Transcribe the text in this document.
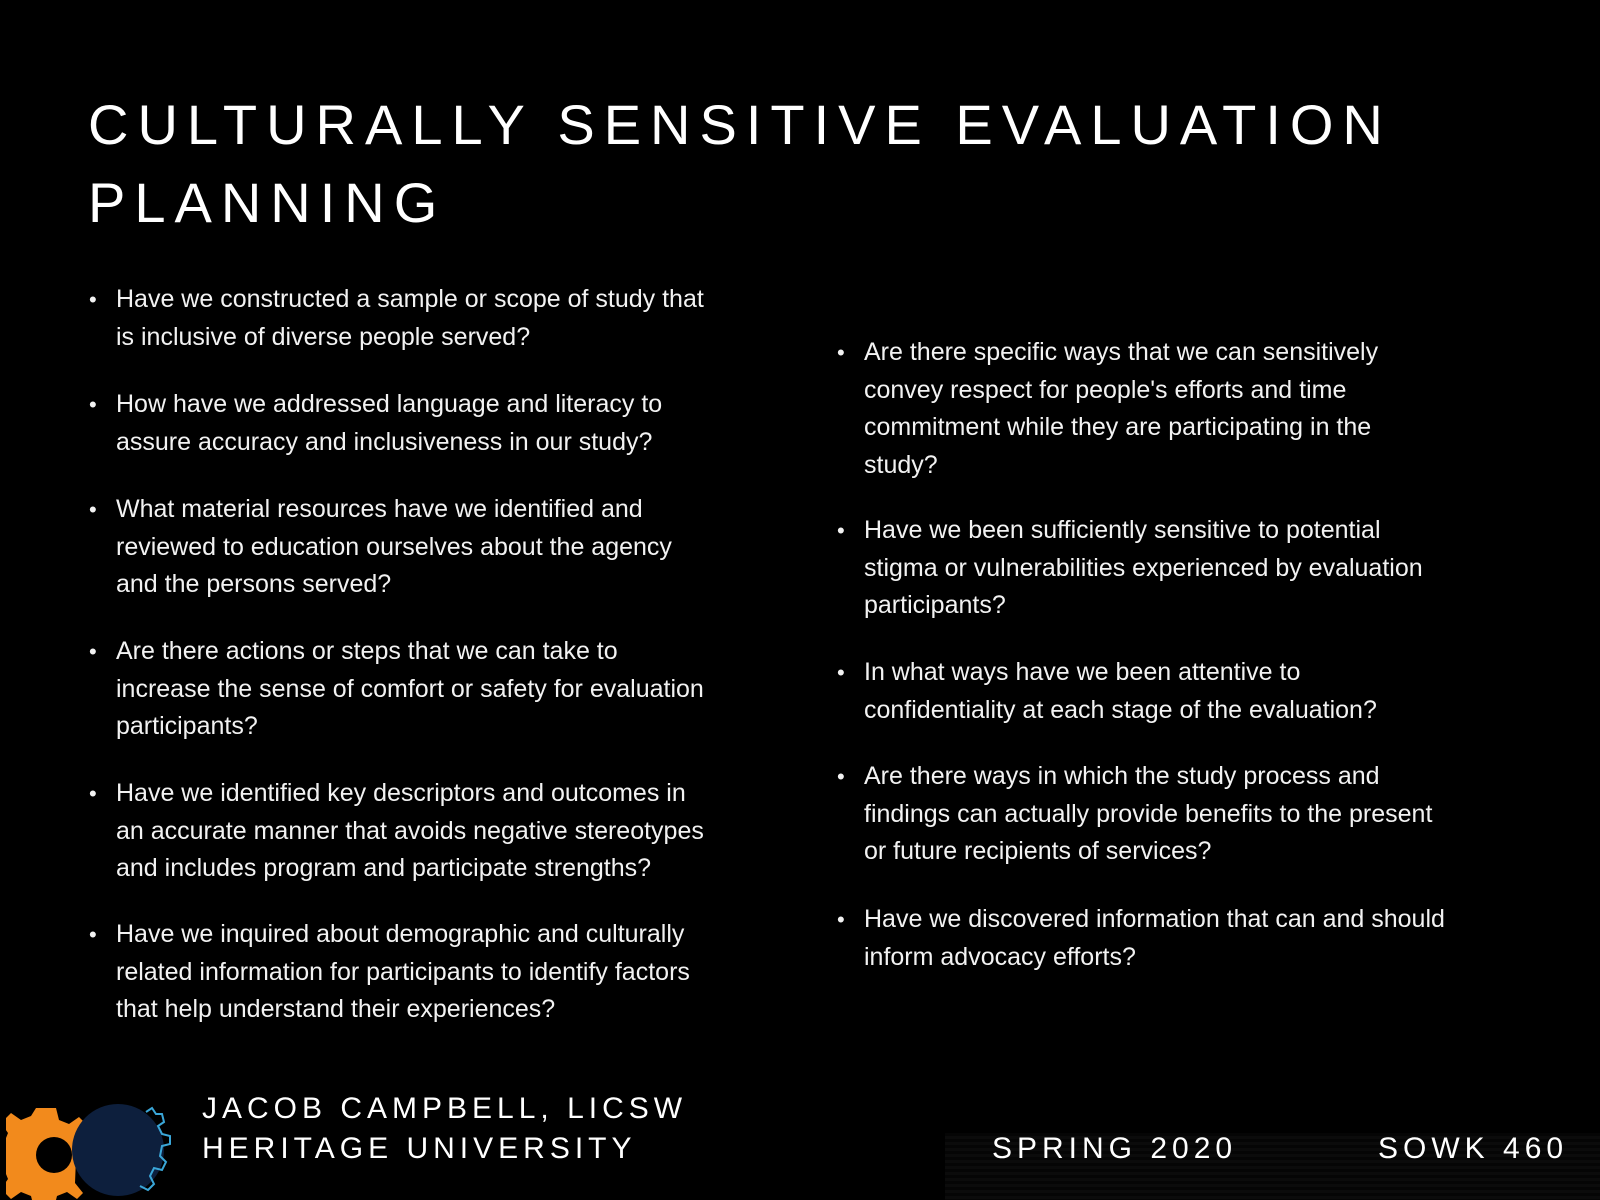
CULTURALLY SENSITIVE EVALUATION
PLANNING
• Have we constructed a sample or scope of study that
is inclusive of diverse people served?
• How have we addressed language and literacy to
assure accuracy and inclusiveness in our study?
• What material resources have we identified and
reviewed to education ourselves about the agency
and the persons served?
• Are there actions or steps that we can take to
increase the sense of comfort or safety for evaluation
participants?
• Have we identified key descriptors and outcomes in
an accurate manner that avoids negative stereotypes
and includes program and participate strengths?
• Have we inquired about demographic and culturally
related information for participants to identify factors
that help understand their experiences?
• Are there specific ways that we can sensitively
convey respect for people's efforts and time
commitment while they are participating in the
study?
• Have we been sufficiently sensitive to potential
stigma or vulnerabilities experienced by evaluation
participants?
• In what ways have we been attentive to
confidentiality at each stage of the evaluation?
• Are there ways in which the study process and
findings can actually provide benefits to the present
or future recipients of services?
• Have we discovered information that can and should
inform advocacy efforts?
JACOB CAMPBELL, LICSW
HERITAGE UNIVERSITY	SPRING 2020	SOWK 460
